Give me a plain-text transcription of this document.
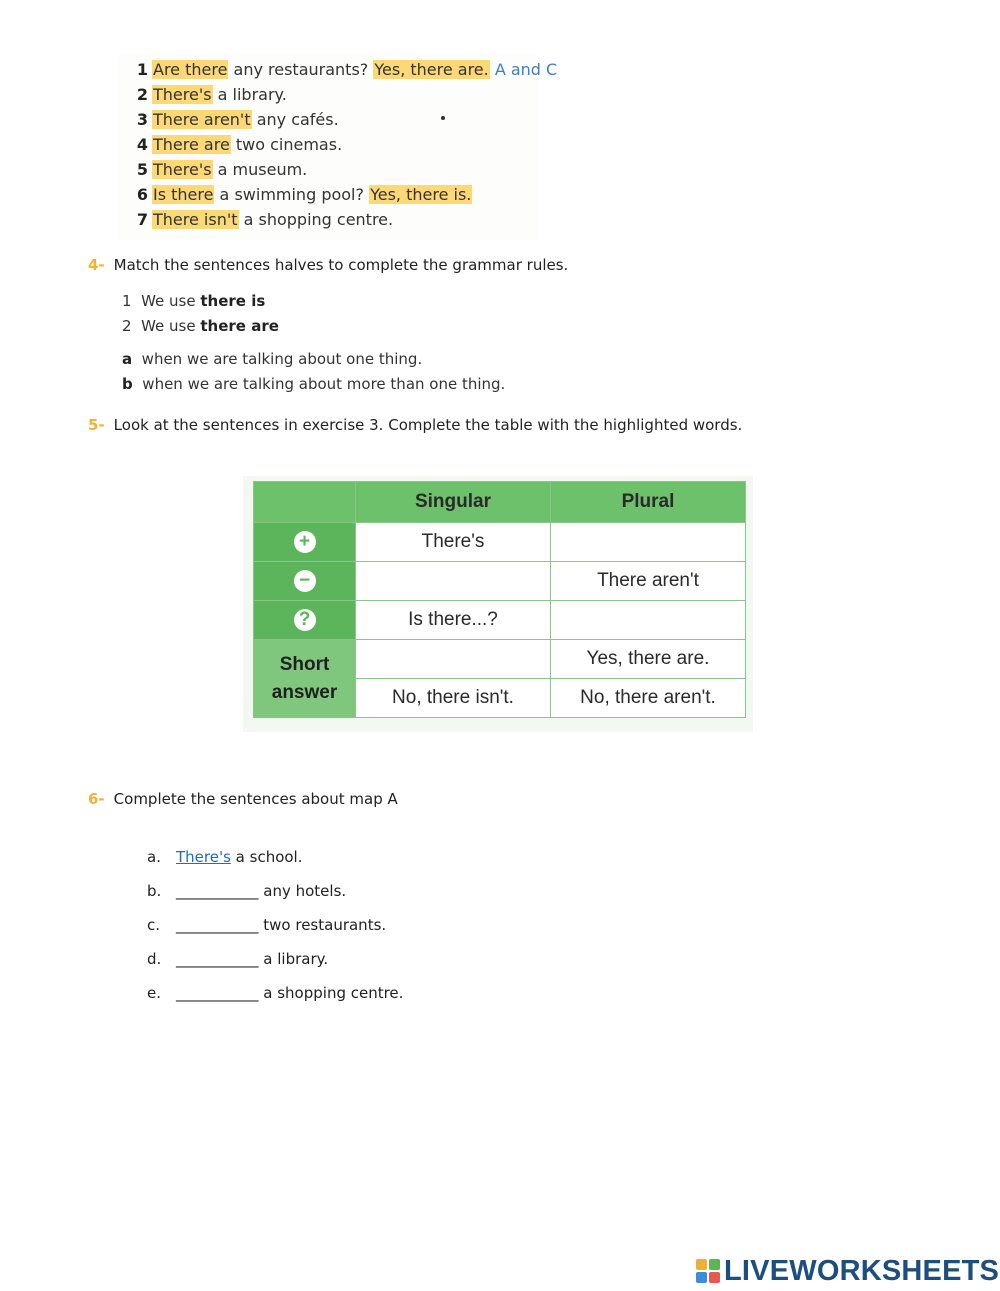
1 Are there any restaurants? Yes, there are. A and C
2 There's a library.
3 There aren't any cafés.
4 There are two cinemas.
5 There's a museum.
6 Is there a swimming pool? Yes, there is.
7 There isn't a shopping centre.
4- Match the sentences halves to complete the grammar rules.
1 We use there is
2 We use there are
a when we are talking about one thing.
b when we are talking about more than one thing.
5- Look at the sentences in exercise 3. Complete the table with the highlighted words.
	Singular	Plural
+	There's	
−		There aren't
?	Is there...?	
Short
answer		Yes, there are.
	No, there isn't.	No, there aren't.
6- Complete the sentences about map A
a. There's a school.
b. ___________ any hotels.
c. ___________ two restaurants.
d. ___________ a library.
e. ___________ a shopping centre.
LIVEWORKSHEETS
